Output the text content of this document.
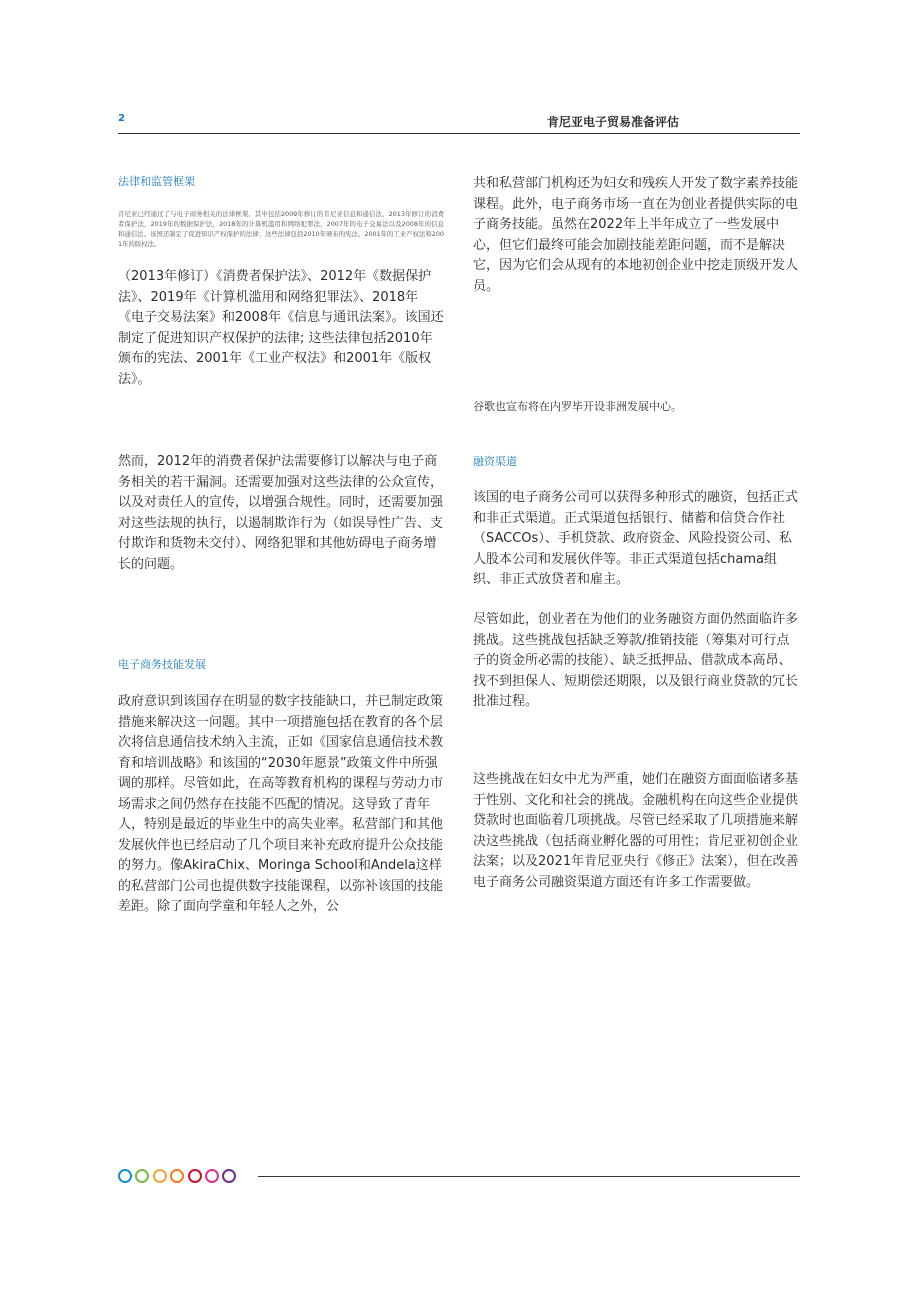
2	肯尼亚电子贸易准备评估
法律和监管框架

肯尼亚已经通过了与电子商务相关的法律框架。其中包括2009年修订的肯尼亚信息和通信法，2013年修订的消费者保护法，2019年的数据保护法，2018年的计算机滥用和网络犯罪法，2007年的电子交易法以及2008年的信息和通信法。该国还制定了促进知识产权保护的法律；这些法律包括2010年颁布的宪法、2001年的工业产权法和2001年的版权法。

（2013年修订）《消费者保护法》、2012年《数据保护法》、2019年《计算机滥用和网络犯罪法》、2018年《电子交易法案》和2008年《信息与通讯法案》。该国还制定了促进知识产权保护的法律; 这些法律包括2010年颁布的宪法、2001年《工业产权法》和2001年《版权法》。

然而，2012年的消费者保护法需要修订以解决与电子商务相关的若干漏洞。还需要加强对这些法律的公众宣传，以及对责任人的宣传，以增强合规性。同时，还需要加强对这些法规的执行，以遏制欺诈行为（如误导性广告、支付欺诈和货物未交付）、网络犯罪和其他妨碍电子商务增长的问题。

电子商务技能发展

政府意识到该国存在明显的数字技能缺口，并已制定政策措施来解决这一问题。其中一项措施包括在教育的各个层次将信息通信技术纳入主流，正如《国家信息通信技术教育和培训战略》和该国的“2030年愿景”政策文件中所强调的那样。尽管如此，在高等教育机构的课程与劳动力市场需求之间仍然存在技能不匹配的情况。这导致了青年人，特别是最近的毕业生中的高失业率。私营部门和其他发展伙伴也已经启动了几个项目来补充政府提升公众技能的努力。像AkiraChix、Moringa School和Andela这样的私营部门公司也提供数字技能课程，以弥补该国的技能差距。除了面向学童和年轻人之外，公

共和私营部门机构还为妇女和残疾人开发了数字素养技能课程。此外，电子商务市场一直在为创业者提供实际的电子商务技能。虽然在2022年上半年成立了一些发展中心，但它们最终可能会加剧技能差距问题，而不是解决它，因为它们会从现有的本地初创企业中挖走顶级开发人员。

谷歌也宣布将在内罗毕开设非洲发展中心。

融资渠道

该国的电子商务公司可以获得多种形式的融资，包括正式和非正式渠道。正式渠道包括银行、储蓄和信贷合作社（SACCOs）、手机贷款、政府资金、风险投资公司、私人股本公司和发展伙伴等。非正式渠道包括chama组织、非正式放贷者和雇主。

尽管如此，创业者在为他们的业务融资方面仍然面临许多挑战。这些挑战包括缺乏筹款/推销技能（筹集对可行点子的资金所必需的技能）、缺乏抵押品、借款成本高昂、找不到担保人、短期偿还期限，以及银行商业贷款的冗长批准过程。

这些挑战在妇女中尤为严重，她们在融资方面面临诸多基于性别、文化和社会的挑战。金融机构在向这些企业提供贷款时也面临着几项挑战。尽管已经采取了几项措施来解决这些挑战（包括商业孵化器的可用性；肯尼亚初创企业法案；以及2021年肯尼亚央行《修正》法案），但在改善电子商务公司融资渠道方面还有许多工作需要做。
